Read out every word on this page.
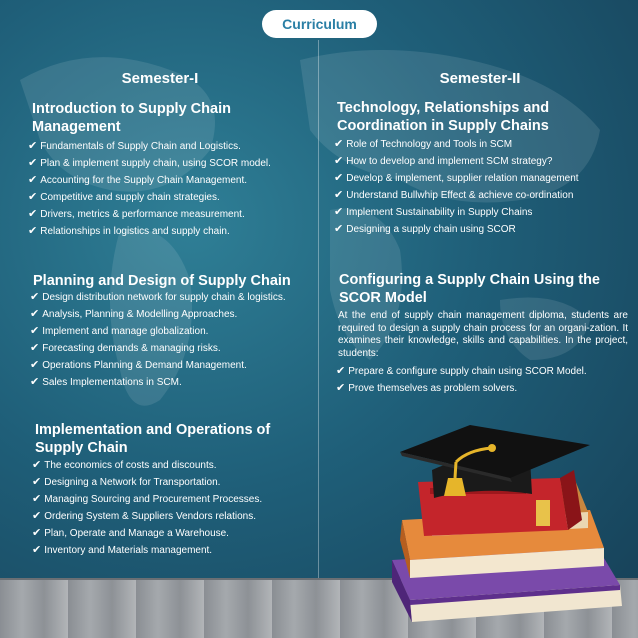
Curriculum
Semester-I
Introduction to Supply Chain
Management
✔ Fundamentals of Supply Chain and Logistics.
✔ Plan & implement supply chain, using SCOR model.
✔ Accounting for the Supply Chain Management.
✔ Competitive and supply chain strategies.
✔ Drivers, metrics & performance measurement.
✔ Relationships in logistics and supply chain.
Planning and Design of Supply Chain
✔ Design distribution network for supply chain & logistics.
✔ Analysis, Planning & Modelling Approaches.
✔ Implement and manage globalization.
✔ Forecasting demands & managing risks.
✔ Operations Planning & Demand Management.
✔ Sales Implementations in SCM.
Implementation and Operations of
Supply Chain
✔ The economics of costs and discounts.
✔ Designing a Network for Transportation.
✔ Managing Sourcing and Procurement Processes.
✔ Ordering System & Suppliers Vendors relations.
✔ Plan, Operate and Manage a Warehouse.
✔ Inventory and Materials management.
Semester-II
Technology, Relationships and
Coordination in Supply Chains
✔ Role of Technology and Tools in SCM
✔ How to develop and implement SCM strategy?
✔ Develop & implement, supplier relation management
✔ Understand Bullwhip Effect & achieve co-ordination
✔ Implement Sustainability in Supply Chains
✔ Designing a supply chain using SCOR
Configuring a Supply Chain Using the
SCOR Model
At the end of supply chain management diploma, students are required to design a supply chain process for an organi-zation. It examines their knowledge, skills and capabilities. In the project, students:
✔ Prepare & configure supply chain using SCOR Model.
✔ Prove themselves as problem solvers.
